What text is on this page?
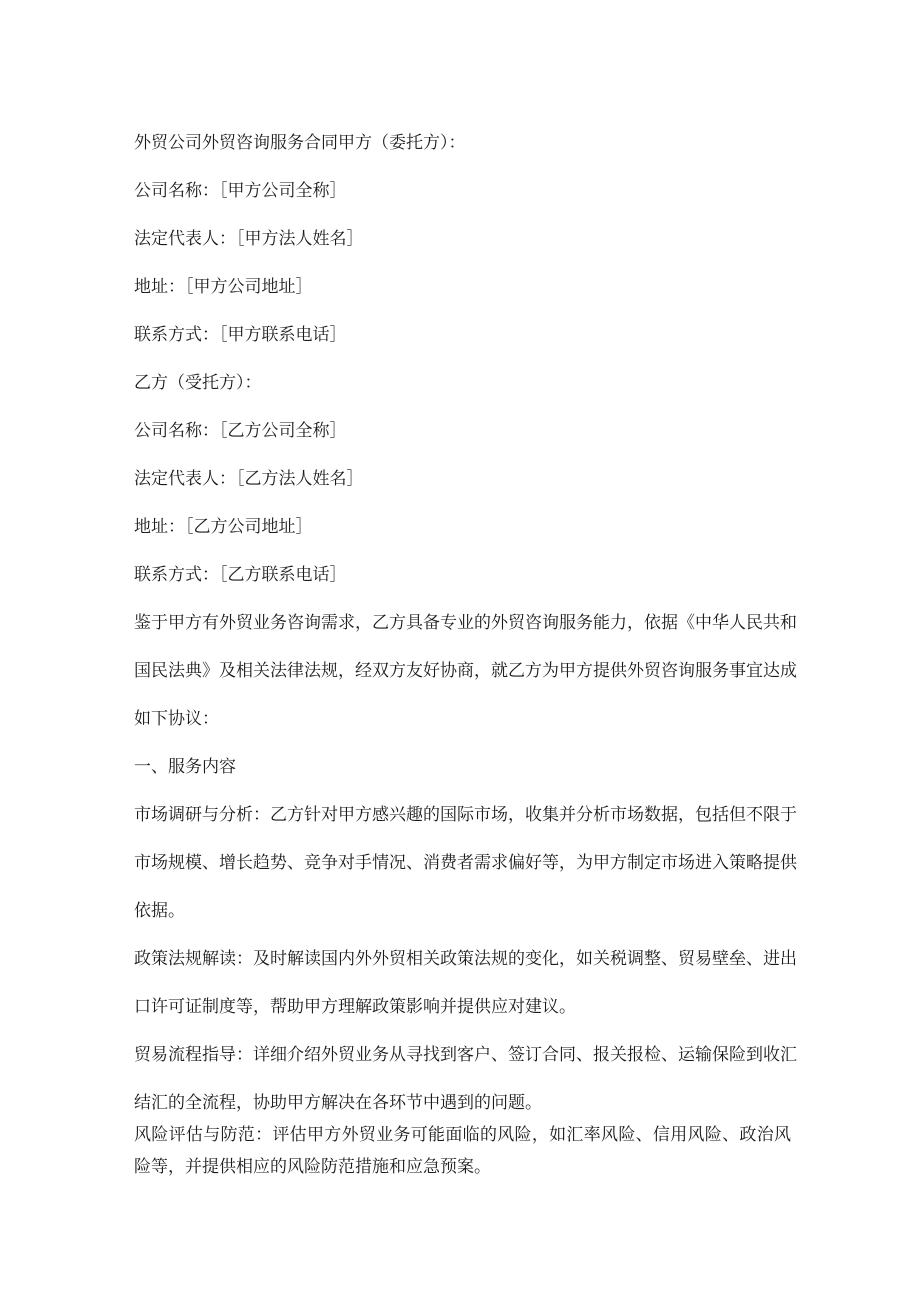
外贸公司外贸咨询服务合同甲方（委托方）：

公司名称：［甲方公司全称］

法定代表人：［甲方法人姓名］

地址：［甲方公司地址］

联系方式：［甲方联系电话］

乙方（受托方）：

公司名称：［乙方公司全称］

法定代表人：［乙方法人姓名］

地址：［乙方公司地址］

联系方式：［乙方联系电话］

鉴于甲方有外贸业务咨询需求，乙方具备专业的外贸咨询服务能力，依据《中华人民共和

国民法典》及相关法律法规，经双方友好协商，就乙方为甲方提供外贸咨询服务事宜达成

如下协议：

一、服务内容

市场调研与分析：乙方针对甲方感兴趣的国际市场，收集并分析市场数据，包括但不限于

市场规模、增长趋势、竞争对手情况、消费者需求偏好等，为甲方制定市场进入策略提供

依据。

政策法规解读：及时解读国内外外贸相关政策法规的变化，如关税调整、贸易壁垒、进出

口许可证制度等，帮助甲方理解政策影响并提供应对建议。

贸易流程指导：详细介绍外贸业务从寻找到客户、签订合同、报关报检、运输保险到收汇

结汇的全流程，协助甲方解决在各环节中遇到的问题。

风险评估与防范：评估甲方外贸业务可能面临的风险，如汇率风险、信用风险、政治风

险等，并提供相应的风险防范措施和应急预案。
